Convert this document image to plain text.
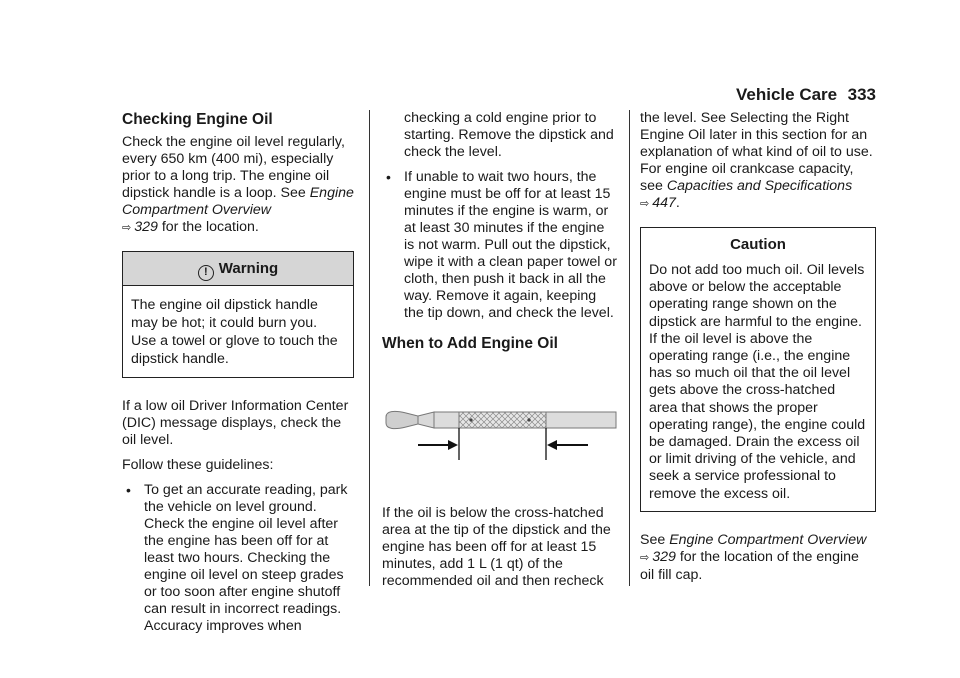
Vehicle Care 333
Checking Engine Oil

Check the engine oil level regularly, every 650 km (400 mi), especially prior to a long trip. The engine oil dipstick handle is a loop. See Engine Compartment Overview
⇨ 329 for the location.

! Warning
The engine oil dipstick handle may be hot; it could burn you. Use a towel or glove to touch the dipstick handle.

If a low oil Driver Information Center (DIC) message displays, check the oil level.

Follow these guidelines:

• To get an accurate reading, park the vehicle on level ground. Check the engine oil level after the engine has been off for at least two hours. Checking the engine oil level on steep grades or too soon after engine shutoff can result in incorrect readings. Accuracy improves when
checking a cold engine prior to starting. Remove the dipstick and check the level.
• If unable to wait two hours, the engine must be off for at least 15 minutes if the engine is warm, or at least 30 minutes if the engine is not warm. Pull out the dipstick, wipe it with a clean paper towel or cloth, then push it back in all the way. Remove it again, keeping the tip down, and check the level.
When to Add Engine Oil

If the oil is below the cross-hatched area at the tip of the dipstick and the engine has been off for at least 15 minutes, add 1 L (1 qt) of the recommended oil and then recheck

the level. See Selecting the Right Engine Oil later in this section for an explanation of what kind of oil to use. For engine oil crankcase capacity, see Capacities and Specifications ⇨ 447.

Caution
Do not add too much oil. Oil levels above or below the acceptable operating range shown on the dipstick are harmful to the engine. If the oil level is above the operating range (i.e., the engine has so much oil that the oil level gets above the cross-hatched area that shows the proper operating range), the engine could be damaged. Drain the excess oil or limit driving of the vehicle, and seek a service professional to remove the excess oil.

See Engine Compartment Overview
⇨ 329 for the location of the engine oil fill cap.
